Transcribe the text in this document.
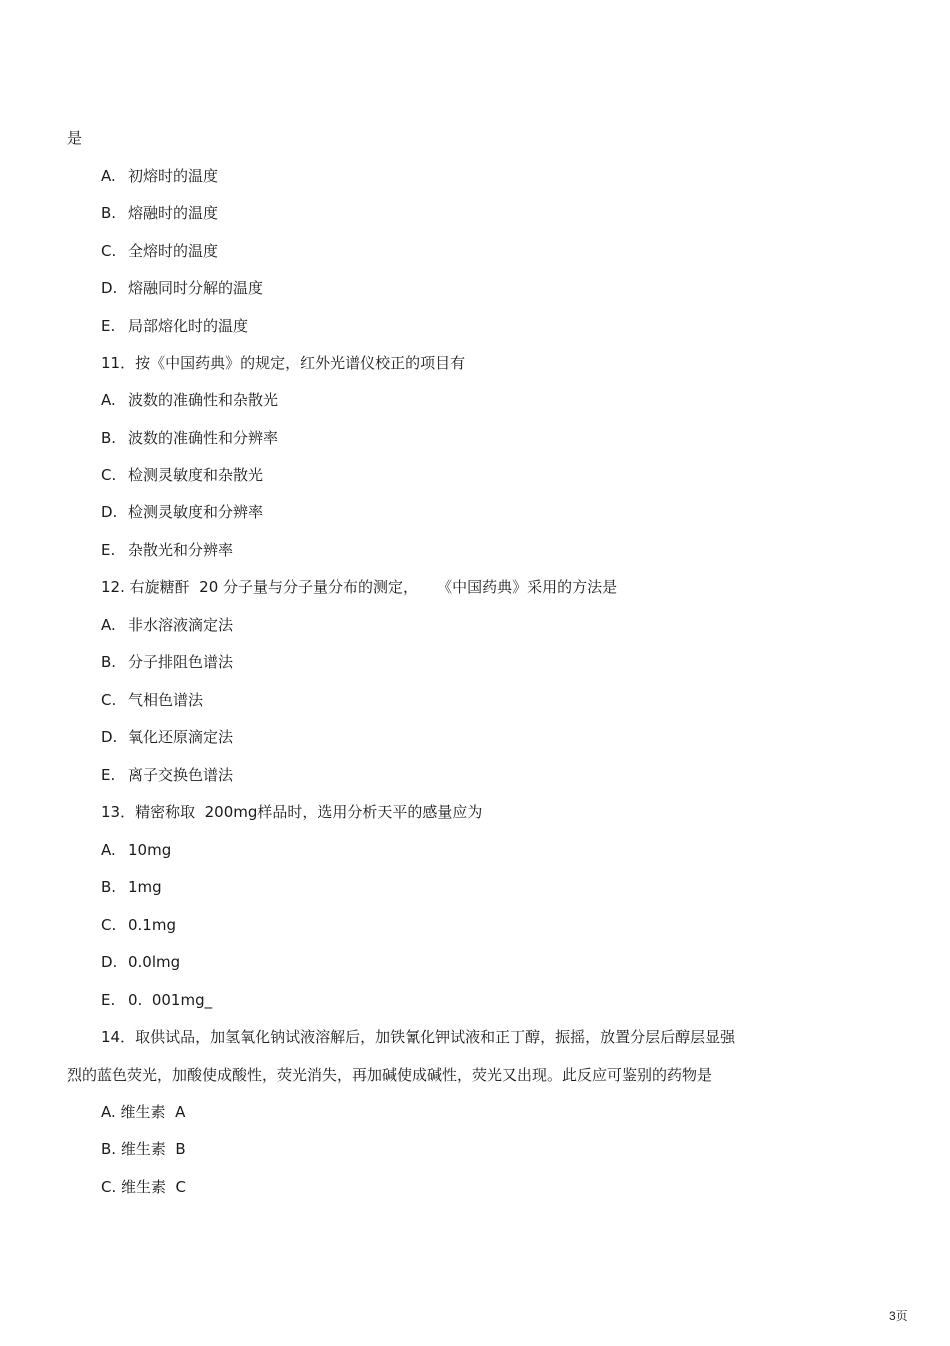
是
A. 初熔时的温度
B. 熔融时的温度
C. 全熔时的温度
D. 熔融同时分解的温度
E. 局部熔化时的温度
11．按《中国药典》的规定，红外光谱仪校正的项目有
A. 波数的准确性和杂散光
B. 波数的准确性和分辨率
C. 检测灵敏度和杂散光
D. 检测灵敏度和分辨率
E. 杂散光和分辨率
12. 右旋糖酐  20 分子量与分子量分布的测定，    《中国药典》采用的方法是
A. 非水溶液滴定法
B. 分子排阻色谱法
C. 气相色谱法
D. 氧化还原滴定法
E. 离子交换色谱法
13．精密称取  200mg样品时，选用分析天平的感量应为
A. 10mg
B. 1mg
C. 0.1mg
D. 0.0lmg
E. 0.  001mg_
14．取供试品，加氢氧化钠试液溶解后，加铁氰化钾试液和正丁醇，振摇，放置分层后醇层显强
烈的蓝色荧光，加酸使成酸性，荧光消失，再加碱使成碱性，荧光又出现。此反应可鉴别的药物是
A. 维生素  A
B. 维生素  B
C. 维生素  C
3页
